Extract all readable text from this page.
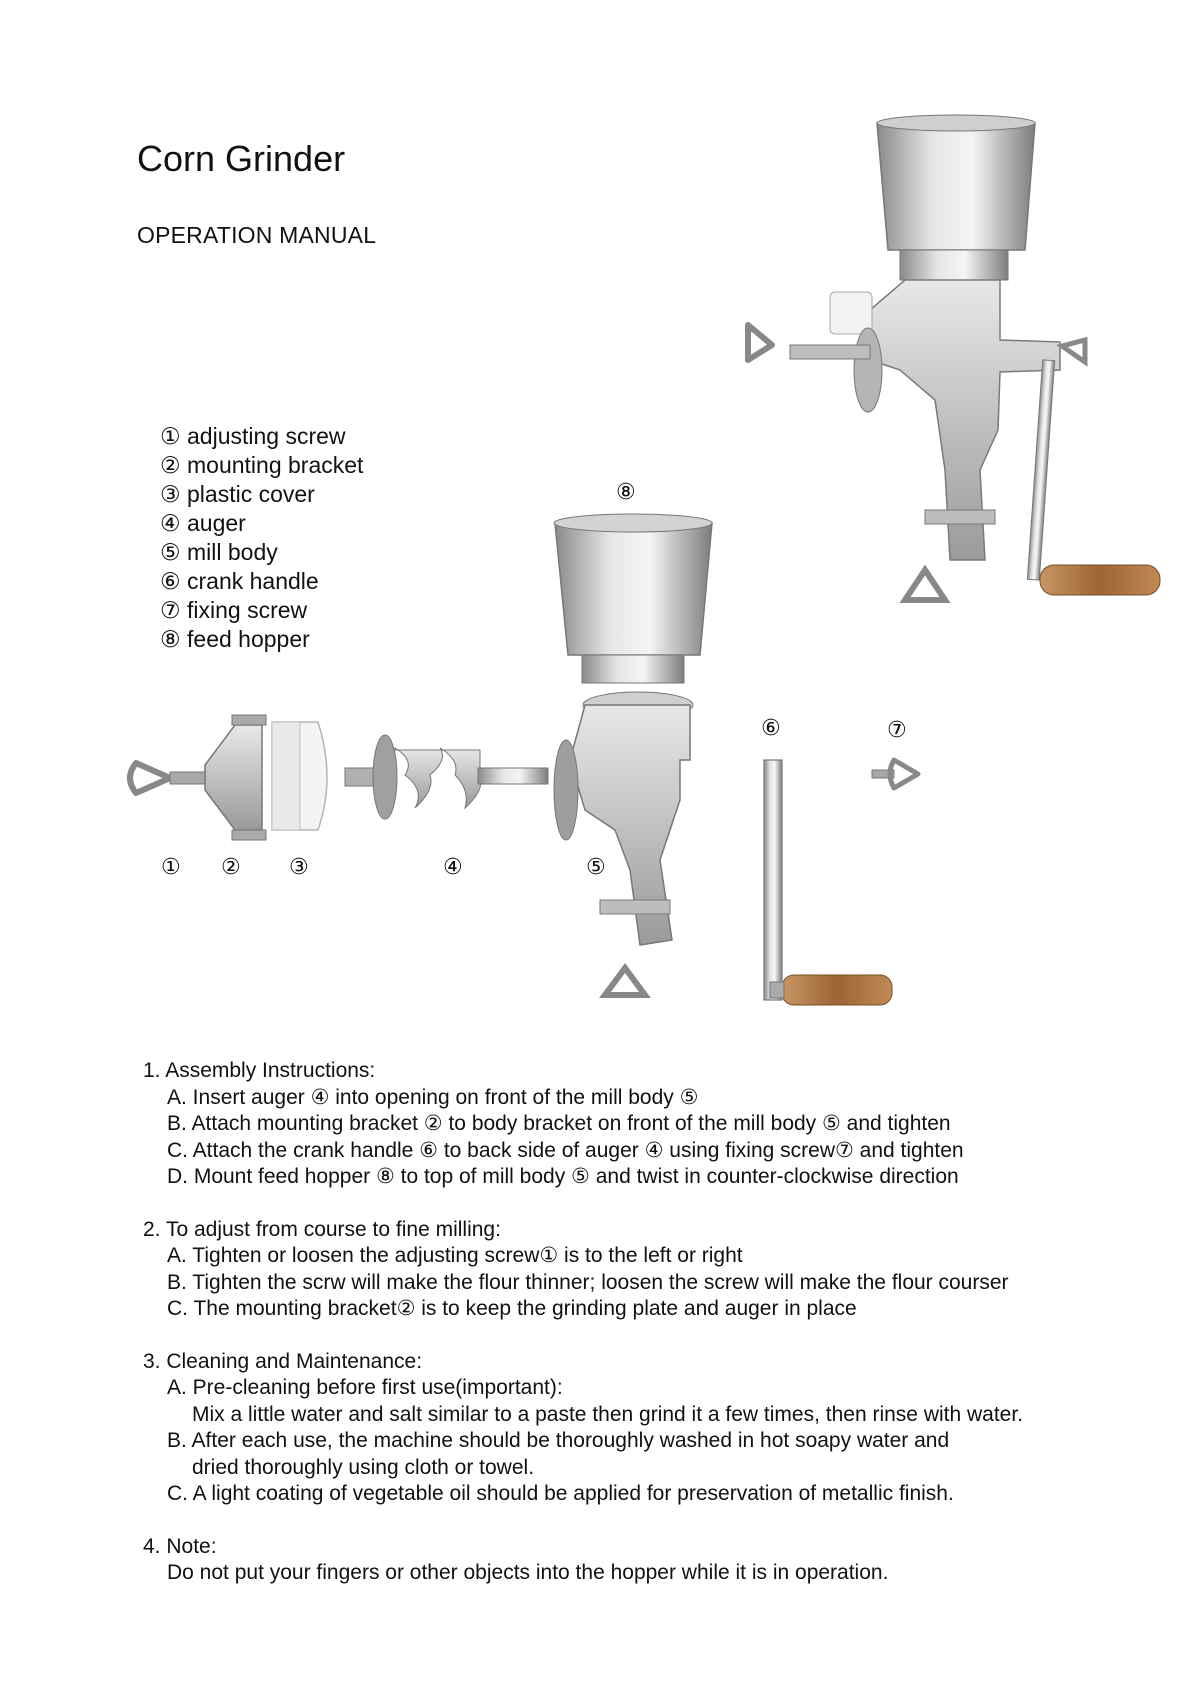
Corn Grinder
OPERATION MANUAL
① adjusting screw
② mounting bracket
③ plastic cover
④ auger
⑤ mill body
⑥ crank handle
⑦ fixing screw
⑧ feed hopper
⑧
⑥	⑦
① ② ③	④	⑤
1. Assembly Instructions:
A. Insert auger ④ into opening on front of the mill body ⑤
B. Attach mounting bracket ② to body bracket on front of the mill body ⑤ and tighten
C. Attach the crank handle ⑥ to back side of auger ④ using fixing screw⑦ and tighten
D. Mount feed hopper ⑧ to top of mill body ⑤ and twist in counter-clockwise direction
2. To adjust from course to fine milling:
A. Tighten or loosen the adjusting screw① is to the left or right
B. Tighten the scrw will make the flour thinner; loosen the screw will make the flour courser
C. The mounting bracket② is to keep the grinding plate and auger in place
3. Cleaning and Maintenance:
A. Pre-cleaning before first use(important):
Mix a little water and salt similar to a paste then grind it a few times, then rinse with water.
B. After each use, the machine should be thoroughly washed in hot soapy water and
dried thoroughly using cloth or towel.
C. A light coating of vegetable oil should be applied for preservation of metallic finish.
4. Note:
Do not put your fingers or other objects into the hopper while it is in operation.
